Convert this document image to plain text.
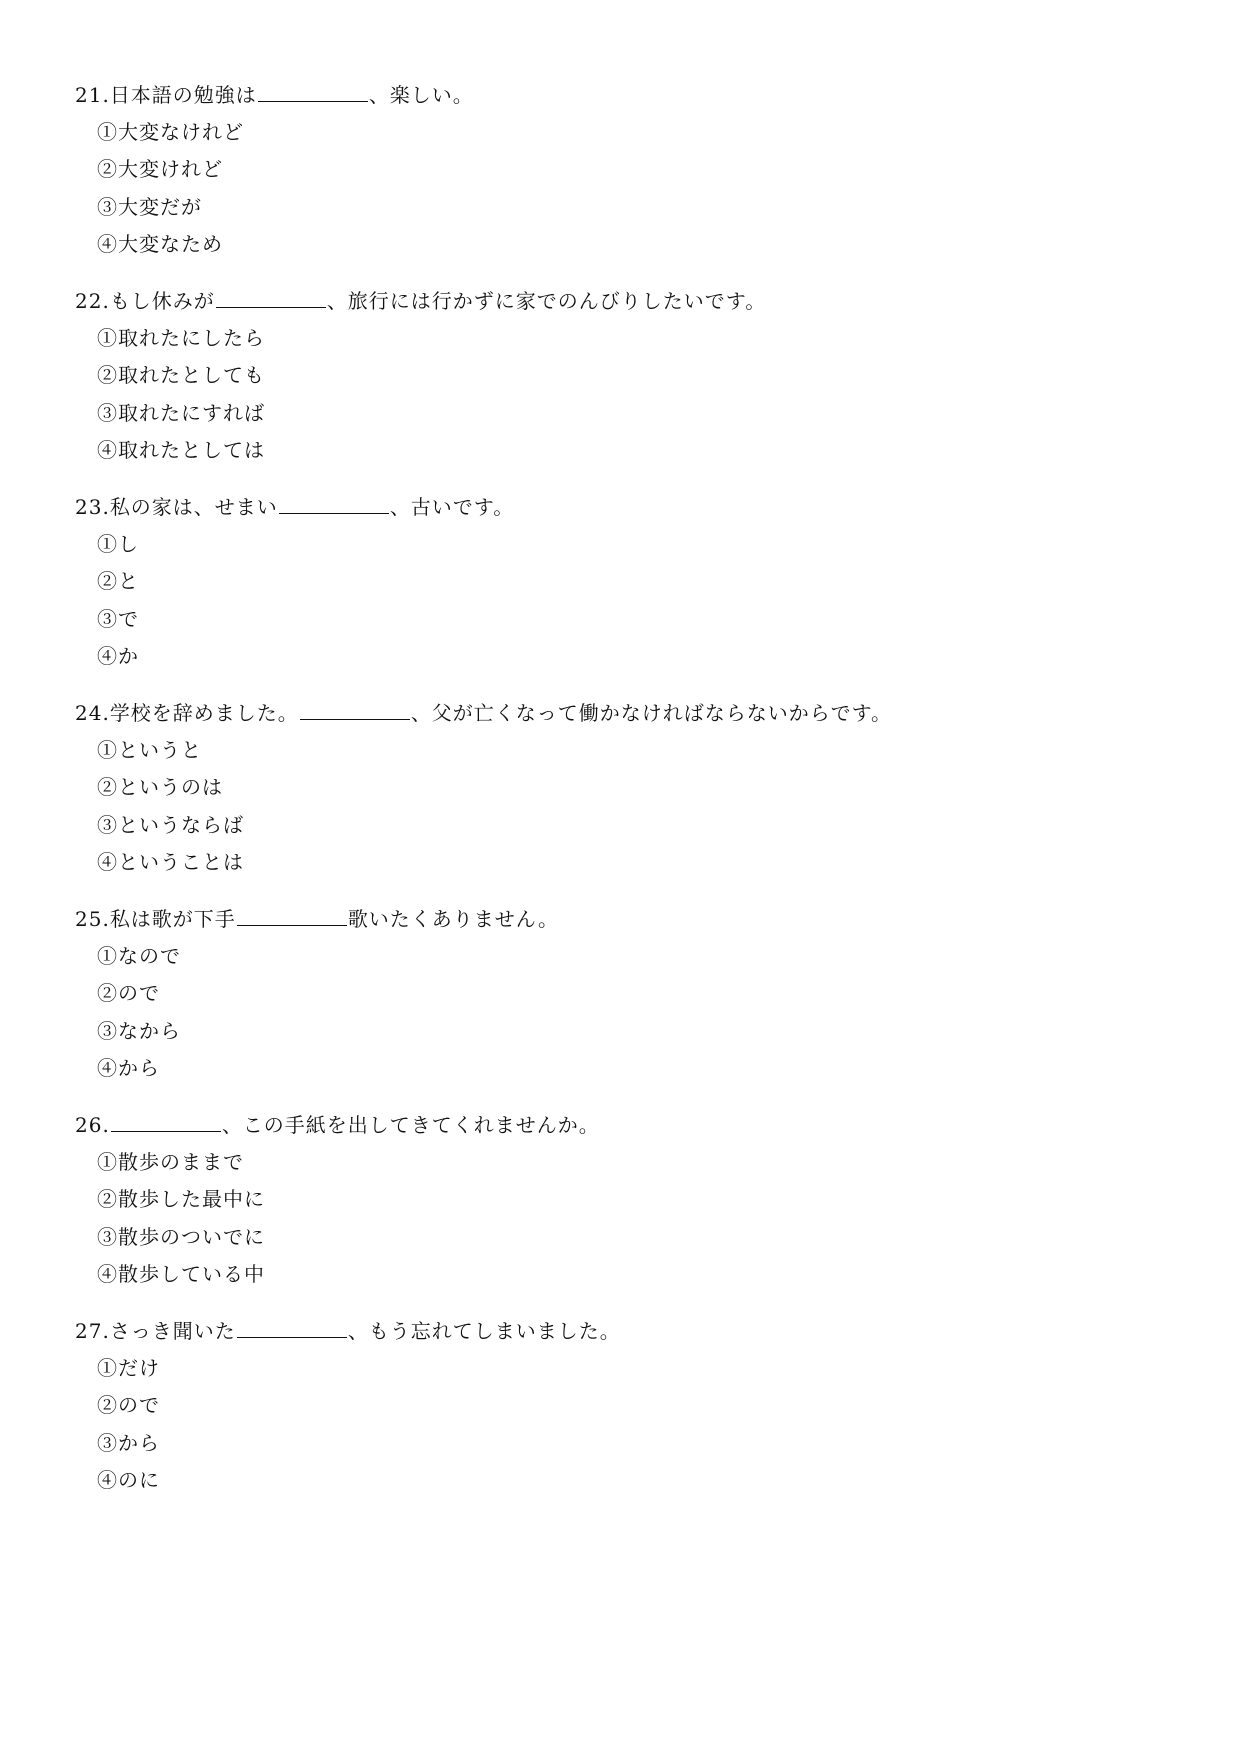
21.日本語の勉強は	、楽しい。
①大変なけれど
②大変けれど
③大変だが
④大変なため
22.もし休みが	、旅行には行かずに家でのんびりしたいです。
①取れたにしたら
②取れたとしても
③取れたにすれば
④取れたとしては
23.私の家は、せまい	、古いです。
①し
②と
③で
④か
24.学校を辞めました。	、父が亡くなって働かなければならないからです。
①というと
②というのは
③というならば
④ということは
25.私は歌が下手	歌いたくありません。
①なので
②ので
③なから
④から
26.	、この手紙を出してきてくれませんか。
①散歩のままで
②散歩した最中に
③散歩のついでに
④散歩している中
27.さっき聞いた	、もう忘れてしまいました。
①だけ
②ので
③から
④のに
